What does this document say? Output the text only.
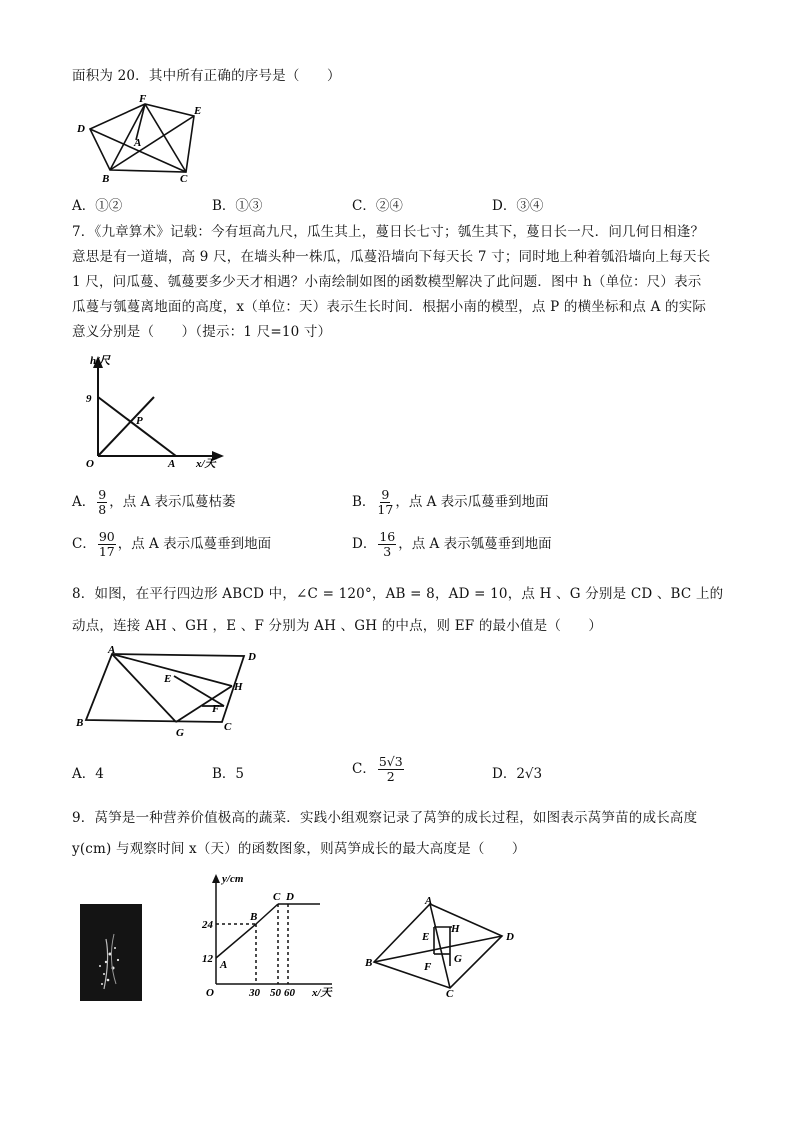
面积为 20．其中所有正确的序号是（　　）
D
F
E
A
B	C
A．①②	B．①③	C．②④	D．③④
7．《九章算术》记载：今有垣高九尺，瓜生其上，蔓日长七寸；瓠生其下，蔓日长一尺．问几何日相逢？
意思是有一道墙，高 9 尺，在墙头种一株瓜，瓜蔓沿墙向下每天长 7 寸；同时地上种着瓠沿墙向上每天长
1 尺，问瓜蔓、瓠蔓要多少天才相遇？小南绘制如图的函数模型解决了此问题．图中 h（单位：尺）表示
瓜蔓与瓠蔓离地面的高度，x（单位：天）表示生长时间．根据小南的模型，点 P 的横坐标和点 A 的实际
意义分别是（　　）（提示：1 尺=10 寸）
h/尺
9
O
P
A x/天
A． $\frac{9}{8}$ ，点 A 表示瓜蔓枯萎	B． $\frac{9}{17}$ ，点 A 表示瓜蔓垂到地面
C． $\frac{90}{17}$ ，点 A 表示瓜蔓垂到地面	D． $\frac{16}{3}$ ，点 A 表示瓠蔓垂到地面
8．如图，在平行四边形 ABCD 中，∠C = 120°，AB = 8，AD = 10，点 H 、G 分别是 CD 、BC 上的
动点，连接 AH 、GH ，E 、F 分别为 AH 、GH 的中点，则 EF 的最小值是（　　）
A
D
E
H
F
B
G	C
A．4	B．5	C． $\frac{5√3}{2}$	D．2√3
9．莴笋是一种营养价值极高的蔬菜．实践小组观察记录了莴笋的成长过程，如图表示莴笋苗的成长高度
y(cm) 与观察时间 x（天）的函数图象，则莴笋成长的最大高度是（　　）
y/cm
24
12
O	30 50 60 x/天
A
B
C D	A
D
C
B
E
H
F
G
